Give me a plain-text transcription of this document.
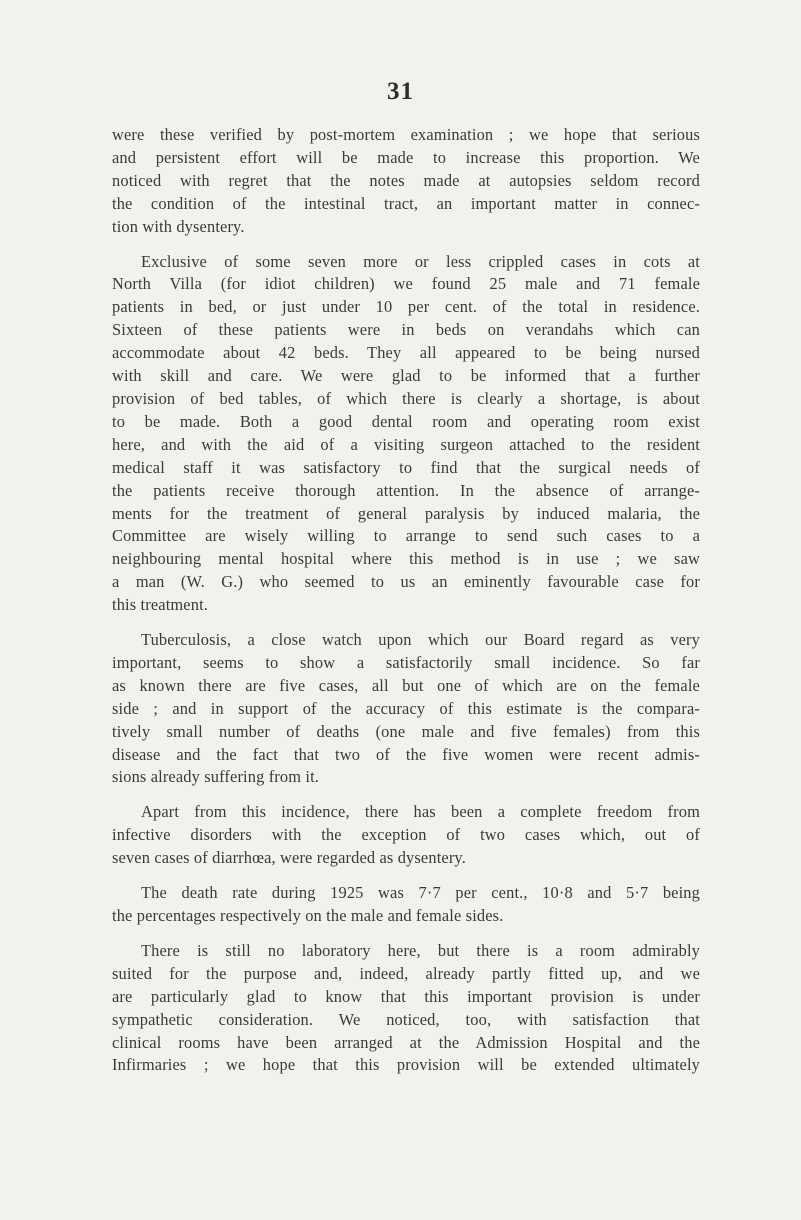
31

were these verified by post-mortem examination ; we hope that serious
and persistent effort will be made to increase this proportion. We
noticed with regret that the notes made at autopsies seldom record
the condition of the intestinal tract, an important matter in connec-
tion with dysentery.

Exclusive of some seven more or less crippled cases in cots at
North Villa (for idiot children) we found 25 male and 71 female
patients in bed, or just under 10 per cent. of the total in residence.
Sixteen of these patients were in beds on verandahs which can
accommodate about 42 beds. They all appeared to be being nursed
with skill and care. We were glad to be informed that a further
provision of bed tables, of which there is clearly a shortage, is about
to be made. Both a good dental room and operating room exist
here, and with the aid of a visiting surgeon attached to the resident
medical staff it was satisfactory to find that the surgical needs of
the patients receive thorough attention. In the absence of arrange-
ments for the treatment of general paralysis by induced malaria, the
Committee are wisely willing to arrange to send such cases to a
neighbouring mental hospital where this method is in use ; we saw
a man (W. G.) who seemed to us an eminently favourable case for
this treatment.

Tuberculosis, a close watch upon which our Board regard as very
important, seems to show a satisfactorily small incidence. So far
as known there are five cases, all but one of which are on the female
side ; and in support of the accuracy of this estimate is the compara-
tively small number of deaths (one male and five females) from this
disease and the fact that two of the five women were recent admis-
sions already suffering from it.

Apart from this incidence, there has been a complete freedom from
infective disorders with the exception of two cases which, out of
seven cases of diarrhœa, were regarded as dysentery.

The death rate during 1925 was 7·7 per cent., 10·8 and 5·7 being
the percentages respectively on the male and female sides.

There is still no laboratory here, but there is a room admirably
suited for the purpose and, indeed, already partly fitted up, and we
are particularly glad to know that this important provision is under
sympathetic consideration. We noticed, too, with satisfaction that
clinical rooms have been arranged at the Admission Hospital and the
Infirmaries ; we hope that this provision will be extended ultimately
